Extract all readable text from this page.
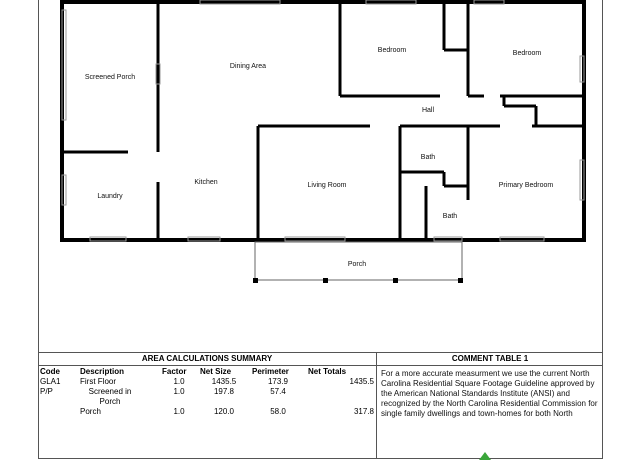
Screened Porch
Dining Area
Bedroom	Bedroom
Hall
Kitchen
Laundry
Living Room
Bath
Bath
Primary Bedroom
Porch
AREA CALCULATIONS SUMMARY
Code	Description	Factor	Net Size	Perimeter	Net Totals
GLA1	First Floor	1.0	1435.5	173.9	1435.5
P/P	Screened in Porch	1.0	197.8	57.4	
	Porch	1.0	120.0	58.0	317.8
COMMENT TABLE 1
For a more accurate measurment we use the current North Carolina Residential Square Footage Guideline approved by the American National Standards Institute (ANSI) and recognized by the North Carolina Residential Commission for single family dwellings and town-homes for both North
